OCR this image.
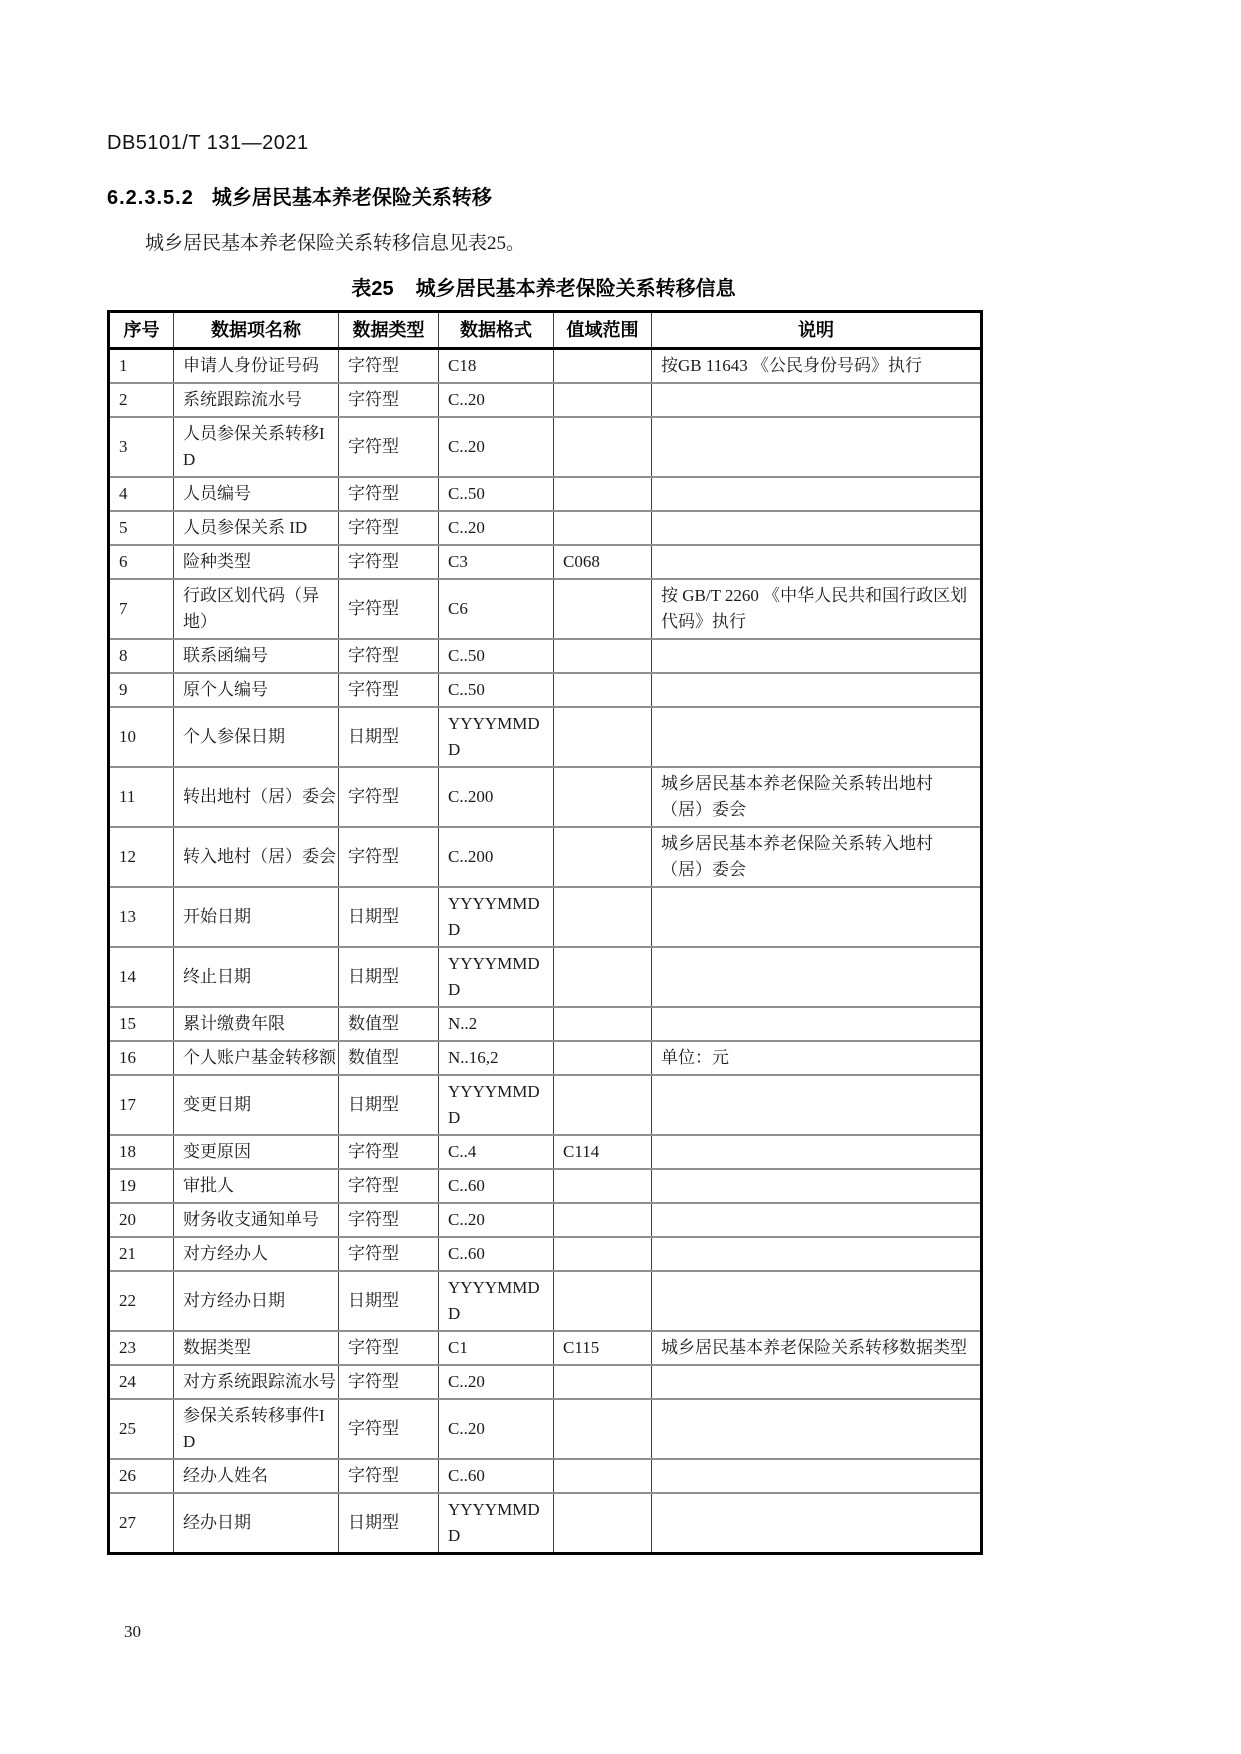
DB5101/T 131—2021
6.2.3.5.2 城乡居民基本养老保险关系转移
城乡居民基本养老保险关系转移信息见表25。
表25 城乡居民基本养老保险关系转移信息
序号	数据项名称	数据类型	数据格式	值域范围	说明
1	申请人身份证号码	字符型	C18		按GB 11643 《公民身份号码》执行
2	系统跟踪流水号	字符型	C..20		
3	人员参保关系转移ID	字符型	C..20		
4	人员编号	字符型	C..50		
5	人员参保关系 ID	字符型	C..20		
6	险种类型	字符型	C3	C068	
7	行政区划代码（异地）	字符型	C6		按 GB/T 2260 《中华人民共和国行政区划代码》执行
8	联系函编号	字符型	C..50		
9	原个人编号	字符型	C..50		
10	个人参保日期	日期型	YYYYMMDD		
11	转出地村（居）委会	字符型	C..200		城乡居民基本养老保险关系转出地村（居）委会
12	转入地村（居）委会	字符型	C..200		城乡居民基本养老保险关系转入地村（居）委会
13	开始日期	日期型	YYYYMMDD		
14	终止日期	日期型	YYYYMMDD		
15	累计缴费年限	数值型	N..2		
16	个人账户基金转移额	数值型	N..16,2		单位：元
17	变更日期	日期型	YYYYMMDD		
18	变更原因	字符型	C..4	C114	
19	审批人	字符型	C..60		
20	财务收支通知单号	字符型	C..20		
21	对方经办人	字符型	C..60		
22	对方经办日期	日期型	YYYYMMDD		
23	数据类型	字符型	C1	C115	城乡居民基本养老保险关系转移数据类型
24	对方系统跟踪流水号	字符型	C..20		
25	参保关系转移事件ID	字符型	C..20		
26	经办人姓名	字符型	C..60		
27	经办日期	日期型	YYYYMMDD		
30
